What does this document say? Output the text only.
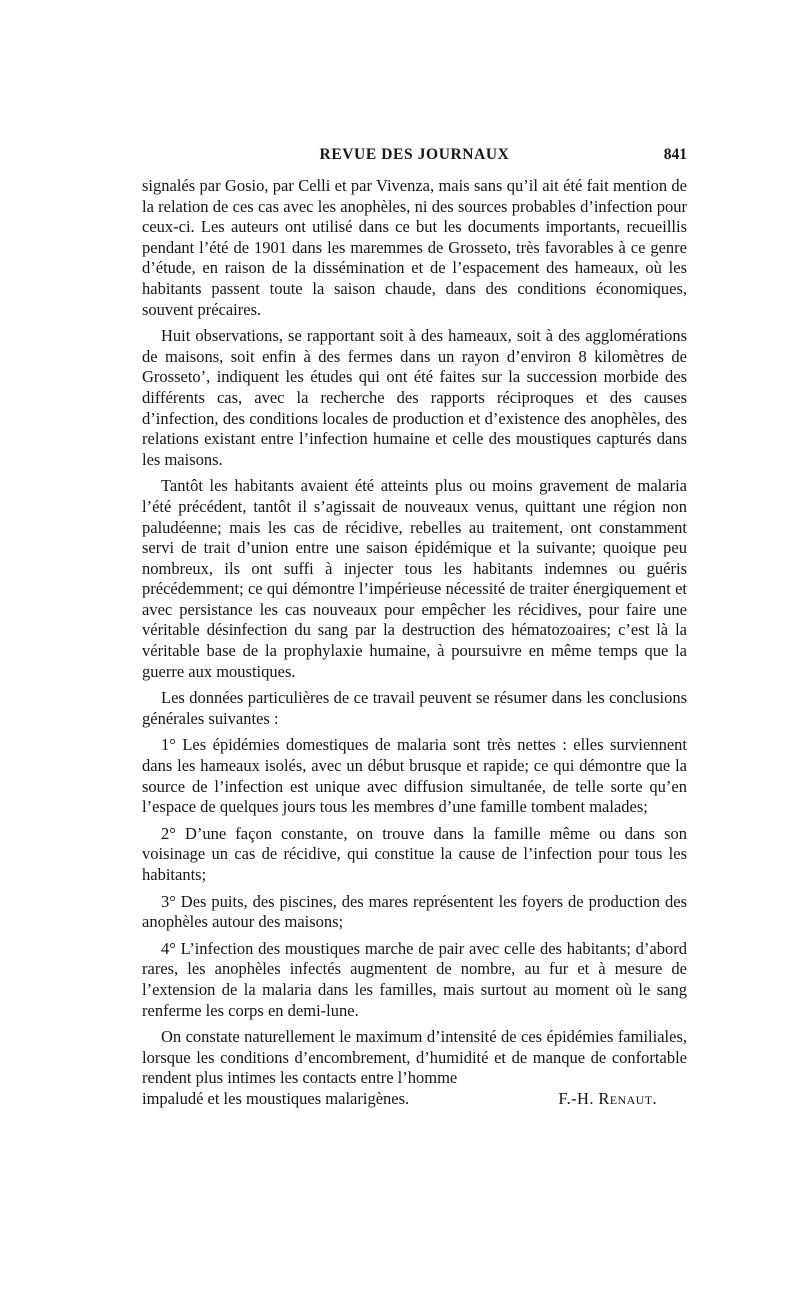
REVUE DES JOURNAUX	841

signalés par Gosio, par Celli et par Vivenza, mais sans qu’il ait été fait mention de la relation de ces cas avec les anophèles, ni des sources probables d’infection pour ceux-ci. Les auteurs ont utilisé dans ce but les documents importants, recueillis pendant l’été de 1901 dans les maremmes de Grosseto, très favorables à ce genre d’étude, en raison de la dissémination et de l’espacement des hameaux, où les habitants passent toute la saison chaude, dans des conditions économiques, souvent précaires.

Huit observations, se rapportant soit à des hameaux, soit à des agglomérations de maisons, soit enfin à des fermes dans un rayon d’environ 8 kilomètres de Grosseto’, indiquent les études qui ont été faites sur la succession morbide des différents cas, avec la recherche des rapports réciproques et des causes d’infection, des conditions locales de production et d’existence des anophèles, des relations existant entre l’infection humaine et celle des moustiques capturés dans les maisons.

Tantôt les habitants avaient été atteints plus ou moins gravement de malaria l’été précédent, tantôt il s’agissait de nouveaux venus, quittant une région non paludéenne; mais les cas de récidive, rebelles au traitement, ont constamment servi de trait d’union entre une saison épidémique et la suivante; quoique peu nombreux, ils ont suffi à injecter tous les habitants indemnes ou guéris précédemment; ce qui démontre l’impérieuse nécessité de traiter énergiquement et avec persistance les cas nouveaux pour empêcher les récidives, pour faire une véritable désinfection du sang par la destruction des hématozoaires; c’est là la véritable base de la prophylaxie humaine, à poursuivre en même temps que la guerre aux moustiques.

Les données particulières de ce travail peuvent se résumer dans les conclusions générales suivantes :

1° Les épidémies domestiques de malaria sont très nettes : elles surviennent dans les hameaux isolés, avec un début brusque et rapide; ce qui démontre que la source de l’infection est unique avec diffusion simultanée, de telle sorte qu’en l’espace de quelques jours tous les membres d’une famille tombent malades;

2° D’une façon constante, on trouve dans la famille même ou dans son voisinage un cas de récidive, qui constitue la cause de l’infection pour tous les habitants;

3° Des puits, des piscines, des mares représentent les foyers de production des anophèles autour des maisons;

4° L’infection des moustiques marche de pair avec celle des habitants; d’abord rares, les anophèles infectés augmentent de nombre, au fur et à mesure de l’extension de la malaria dans les familles, mais surtout au moment où le sang renferme les corps en demi-lune.

On constate naturellement le maximum d’intensité de ces épidémies familiales, lorsque les conditions d’encombrement, d’humidité et de manque de confortable rendent plus intimes les contacts entre l’homme

impaludé et les moustiques malarigènes.	F.-H. Renaut.
